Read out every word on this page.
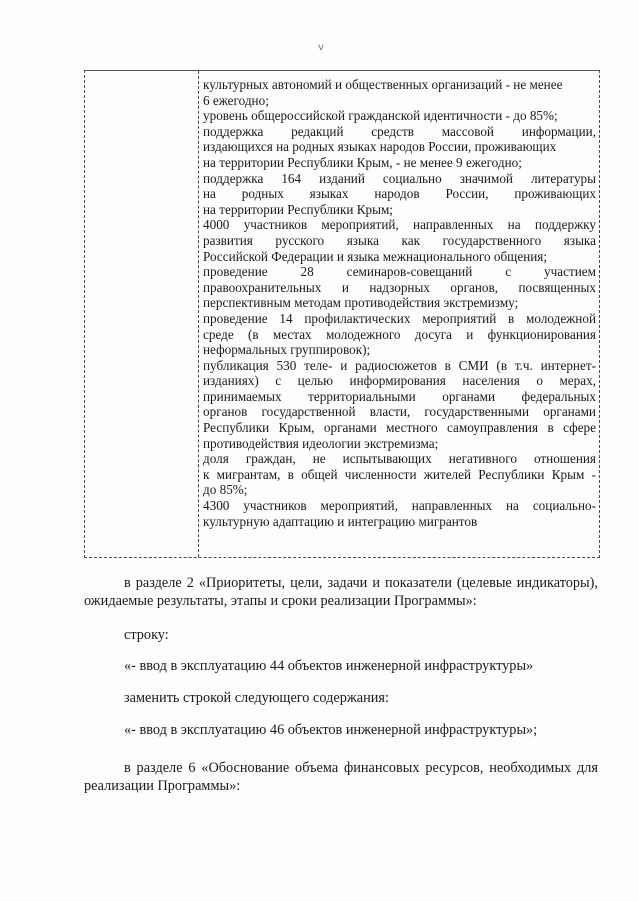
v

культурных автономий и общественных организаций - не менее

6 ежегодно;

уровень общероссийской гражданской идентичности - до 85%;

поддержка редакций средств массовой информации,

издающихся на родных языках народов России, проживающих

на территории Республики Крым, - не менее 9 ежегодно;

поддержка 164 изданий социально значимой литературы

на родных языках народов России, проживающих

на территории Республики Крым;

4000 участников мероприятий, направленных на поддержку

развития русского языка как государственного языка

Российской Федерации и языка межнационального общения;

проведение 28 семинаров-совещаний с участием

правоохранительных и надзорных органов, посвященных

перспективным методам противодействия экстремизму;

проведение 14 профилактических мероприятий в молодежной

среде (в местах молодежного досуга и функционирования

неформальных группировок);

публикация 530 теле- и радиосюжетов в СМИ (в т.ч. интернет-

изданиях) с целью информирования населения о мерах,

принимаемых территориальными органами федеральных

органов государственной власти, государственными органами

Республики Крым, органами местного самоуправления в сфере

противодействия идеологии экстремизма;

доля граждан, не испытывающих негативного отношения

к мигрантам, в общей численности жителей Республики Крым -

до 85%;

4300 участников мероприятий, направленных на социально-

культурную адаптацию и интеграцию мигрантов

в разделе 2 «Приоритеты, цели, задачи и показатели (целевые индикаторы), ожидаемые результаты, этапы и сроки реализации Программы»:

строку:

«- ввод в эксплуатацию 44 объектов инженерной инфраструктуры»

заменить строкой следующего содержания:

«- ввод в эксплуатацию 46 объектов инженерной инфраструктуры»;

в разделе 6 «Обоснование объема финансовых ресурсов, необходимых для реализации Программы»:
